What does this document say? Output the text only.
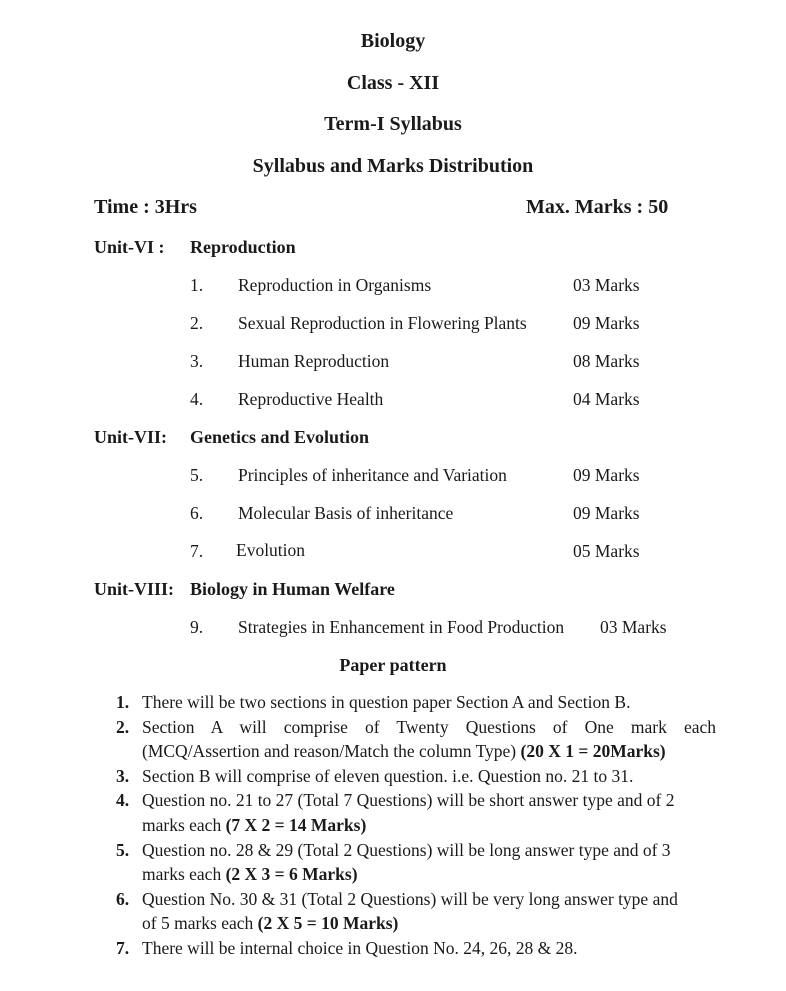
Biology
Class - XII
Term-I Syllabus
Syllabus and Marks Distribution
Time : 3Hrs	Max. Marks : 50
Unit-VI : Reproduction
1. Reproduction in Organisms	03 Marks
2. Sexual Reproduction in Flowering Plants	09 Marks
3. Human Reproduction	08 Marks
4. Reproductive Health	04 Marks
Unit-VII: Genetics and Evolution
5. Principles of inheritance and Variation	09 Marks
6. Molecular Basis of inheritance	09 Marks
7. Evolution	05 Marks
Unit-VIII: Biology in Human Welfare
9. Strategies in Enhancement in Food Production 03 Marks
Paper pattern
1. There will be two sections in question paper Section A and Section B.
2. Section A will comprise of Twenty Questions of One mark each
(MCQ/Assertion and reason/Match the column Type) (20 X 1 = 20Marks)
3. Section B will comprise of eleven question. i.e. Question no. 21 to 31.
4. Question no. 21 to 27 (Total 7 Questions) will be short answer type and of 2 marks each (7 X 2 = 14 Marks)
5. Question no. 28 & 29 (Total 2 Questions) will be long answer type and of 3 marks each (2 X 3 = 6 Marks)
6. Question No. 30 & 31 (Total 2 Questions) will be very long answer type and of 5 marks each (2 X 5 = 10 Marks)
7. There will be internal choice in Question No. 24, 26, 28 & 28.
